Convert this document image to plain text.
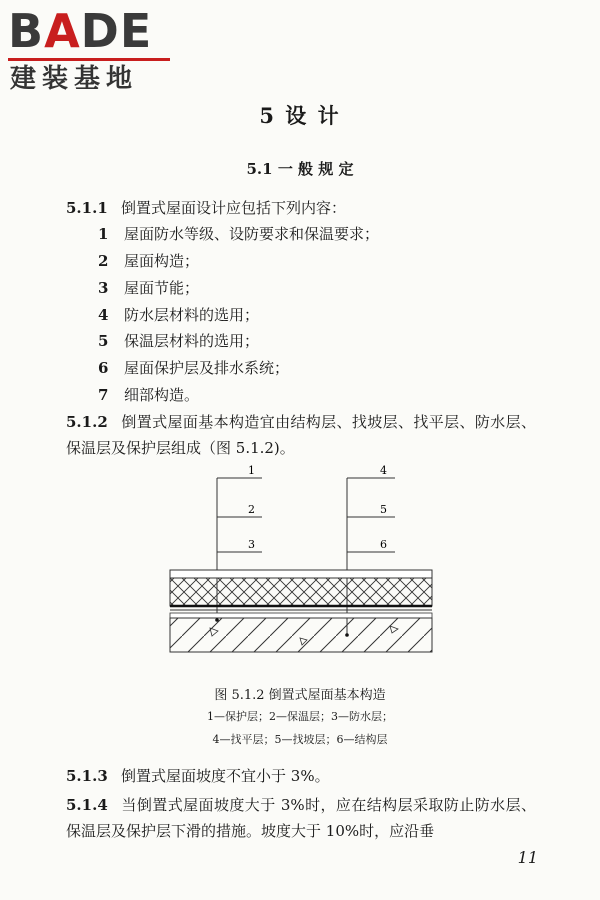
BADE
建装基地
5 设 计
5.1 一 般 规 定
5.1.1 倒置式屋面设计应包括下列内容：
1 屋面防水等级、设防要求和保温要求；
2 屋面构造；
3 屋面节能；
4 防水层材料的选用；
5 保温层材料的选用；
6 屋面保护层及排水系统；
7 细部构造。
5.1.2 倒置式屋面基本构造宜由结构层、找坡层、找平层、防水层、保温层及保护层组成（图 5.1.2)。
1
2
3
4
5
6
图 5.1.2 倒置式屋面基本构造
1—保护层；2—保温层；3—防水层；
4—找平层；5—找坡层；6—结构层
5.1.3 倒置式屋面坡度不宜小于 3%。
5.1.4 当倒置式屋面坡度大于 3%时，应在结构层采取防止防水层、保温层及保护层下滑的措施。坡度大于 10%时，应沿垂
11
